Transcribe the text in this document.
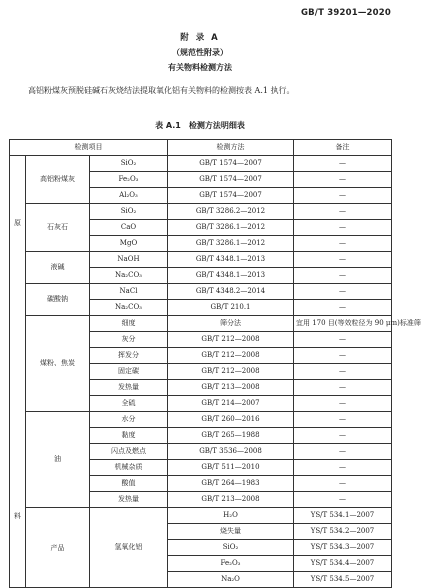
GB/T 39201—2020
附 录 A
（规范性附录）
有关物料检测方法
高铝粉煤灰预脱硅碱石灰烧结法提取氧化铝有关物料的检测按表 A.1 执行。
表 A.1　检测方法明细表
检测项目			检测方法	备注	

原
料	高铝粉煤灰	SiO₂	GB/T 1574—2007	—	
		Fe₂O₃	GB/T 1574—2007	—	
		Al₂O₃	GB/T 1574—2007	—	
	石灰石	SiO₂	GB/T 3286.2—2012	—	
		CaO	GB/T 3286.1—2012	—	
		MgO	GB/T 3286.1—2012	—	
	液碱	NaOH	GB/T 4348.1—2013	—	
		Na₂CO₃	GB/T 4348.1—2013	—	
	碳酸钠	NaCl	GB/T 4348.2—2014	—	
		Na₂CO₃	GB/T 210.1	—	
	煤粉、焦炭	细度	筛分法	宜用 170 目(等效粒径为 90 μm)标准筛	
		灰分	GB/T 212—2008	—	
		挥发分	GB/T 212—2008	—	
		固定碳	GB/T 212—2008	—	
		发热量	GB/T 213—2008	—	
		全硫	GB/T 214—2007	—	
	油	水分	GB/T 260—2016	—	
		黏度	GB/T 265—1988	—	
		闪点及燃点	GB/T 3536—2008	—	
		机械杂质	GB/T 511—2010	—	
		酸值	GB/T 264—1983	—	
		发热量	GB/T 213—2008	—	
	产品	氢氧化铝	H₂O	YS/T 534.1—2007	
			烧失量	YS/T 534.2—2007	
			SiO₂	YS/T 534.3—2007	
			Fe₂O₃	YS/T 534.4—2007	
			Na₂O	YS/T 534.5—2007	
